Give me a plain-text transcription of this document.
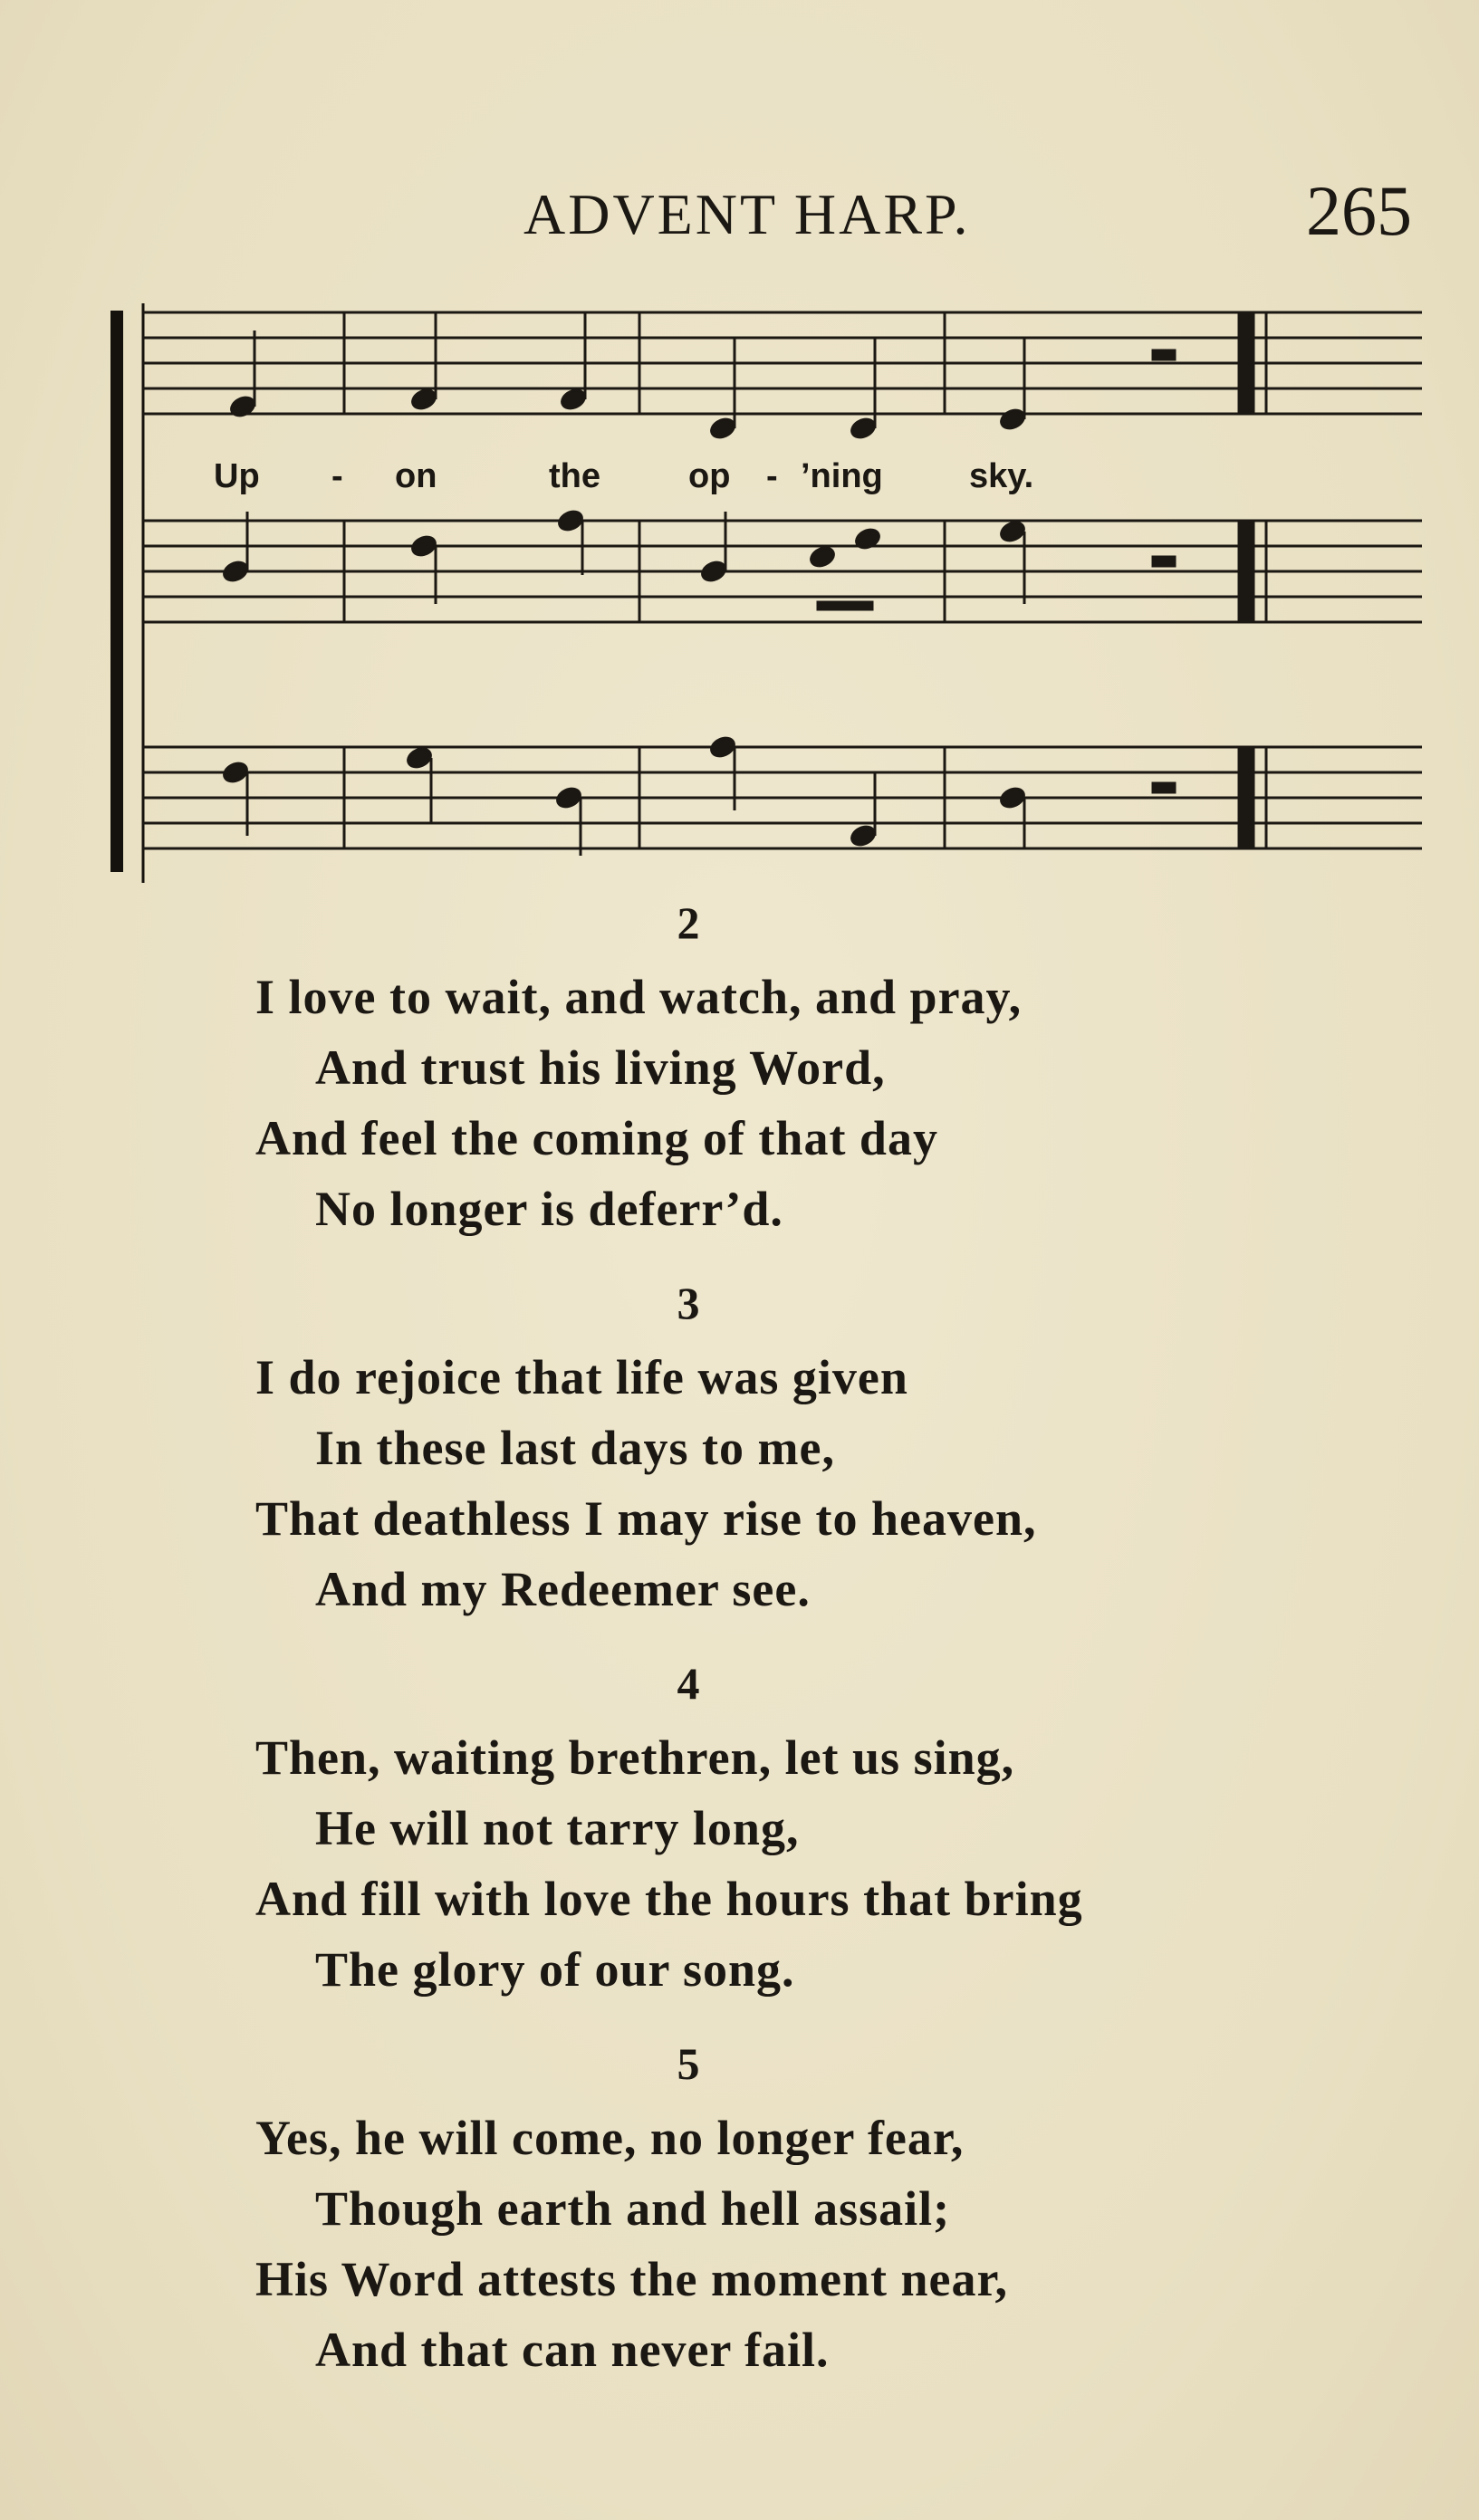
ADVENT HARP.	265
Up - on	the	op - ’ning	sky.
2
I love to wait, and watch, and pray,
And trust his living Word,
And feel the coming of that day
No longer is deferr’d.
3
I do rejoice that life was given
In these last days to me,
That deathless I may rise to heaven,
And my Redeemer see.
4
Then, waiting brethren, let us sing,
He will not tarry long,
And fill with love the hours that bring
The glory of our song.
5
Yes, he will come, no longer fear,
Though earth and hell assail;
His Word attests the moment near,
And that can never fail.
